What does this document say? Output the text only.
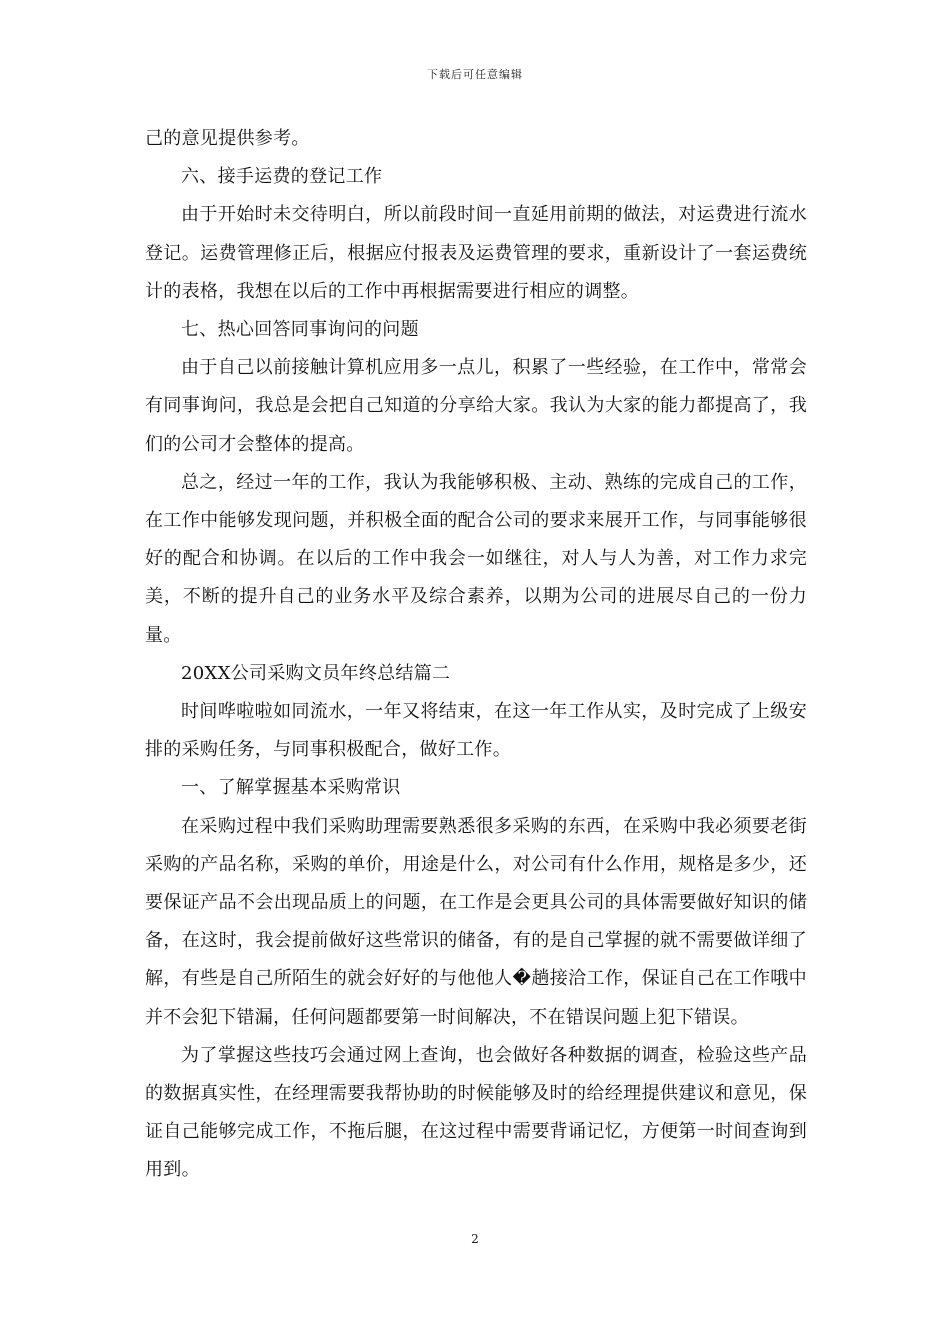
下载后可任意编辑

己的意见提供参考。

六、接手运费的登记工作

由于开始时未交待明白，所以前段时间一直延用前期的做法，对运费进行流水登记。运费管理修正后，根据应付报表及运费管理的要求，重新设计了一套运费统计的表格，我想在以后的工作中再根据需要进行相应的调整。

七、热心回答同事询问的问题

由于自己以前接触计算机应用多一点儿，积累了一些经验，在工作中，常常会有同事询问，我总是会把自己知道的分享给大家。我认为大家的能力都提高了，我们的公司才会整体的提高。

总之，经过一年的工作，我认为我能够积极、主动、熟练的完成自己的工作，在工作中能够发现问题，并积极全面的配合公司的要求来展开工作，与同事能够很好的配合和协调。在以后的工作中我会一如继往，对人与人为善，对工作力求完美，不断的提升自己的业务水平及综合素养，以期为公司的进展尽自己的一份力量。

20XX公司采购文员年终总结篇二

时间哗啦啦如同流水，一年又将结束，在这一年工作从实，及时完成了上级安排的采购任务，与同事积极配合，做好工作。

一、了解掌握基本采购常识

在采购过程中我们采购助理需要熟悉很多采购的东西，在采购中我必须要老街采购的产品名称，采购的单价，用途是什么，对公司有什么作用，规格是多少，还要保证产品不会出现品质上的问题，在工作是会更具公司的具体需要做好知识的储备，在这时，我会提前做好这些常识的储备，有的是自己掌握的就不需要做详细了解，有些是自己所陌生的就会好好的与他他人�趟接洽工作，保证自己在工作哦中并不会犯下错漏，任何问题都要第一时间解决，不在错误问题上犯下错误。

为了掌握这些技巧会通过网上查询，也会做好各种数据的调查，检验这些产品的数据真实性，在经理需要我帮协助的时候能够及时的给经理提供建议和意见，保证自己能够完成工作，不拖后腿，在这过程中需要背诵记忆，方便第一时间查询到用到。

2
